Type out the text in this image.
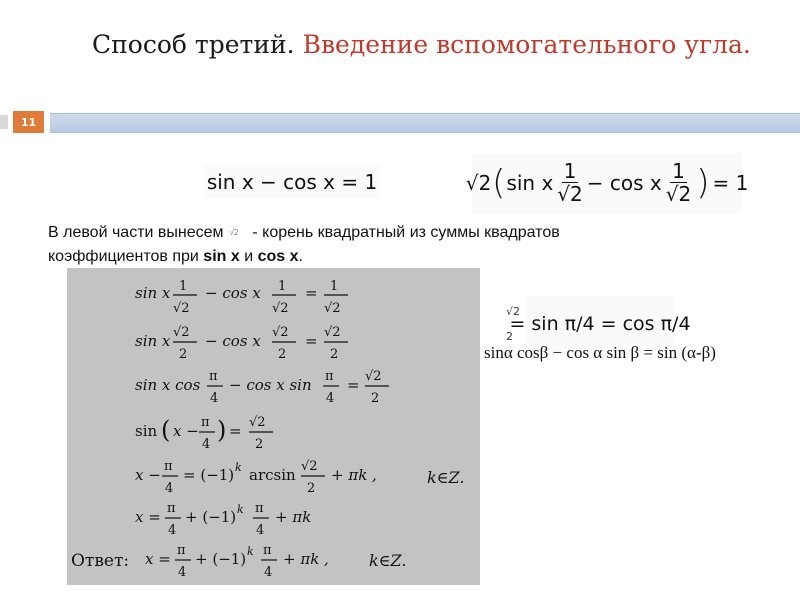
Способ третий. Введение вспомогательного угла.
11
sin x − cos x = 1	√2 ( sin x $\frac{1}{√2} - \cos x \frac{1}{√2}$ ) = 1
В левой части вынесем √2 - корень квадратный из суммы квадратов
коэффициентов при sin x и cos x.
sin x 1
√2
− cos x 1
√2
= 1
√2
sin x √2
2
− cos x √2
2
= √2
2
sin x cos π
4
− cos x sin π
4
= √2
2
sin ( x − π
4
) = √2
2
x − π
4
= (−1) k arcsin √2
2
+ πk ,
x = π
4
+ (−1) k π
4
+ πk
x = π
4
+ (−1) k π
4
+ πk ,
k∈Z.
k∈Z.
Ответ:
√2
2
= sin π/4 = cos π/4
sinα cosβ − cos α sin β = sin (α-β)
